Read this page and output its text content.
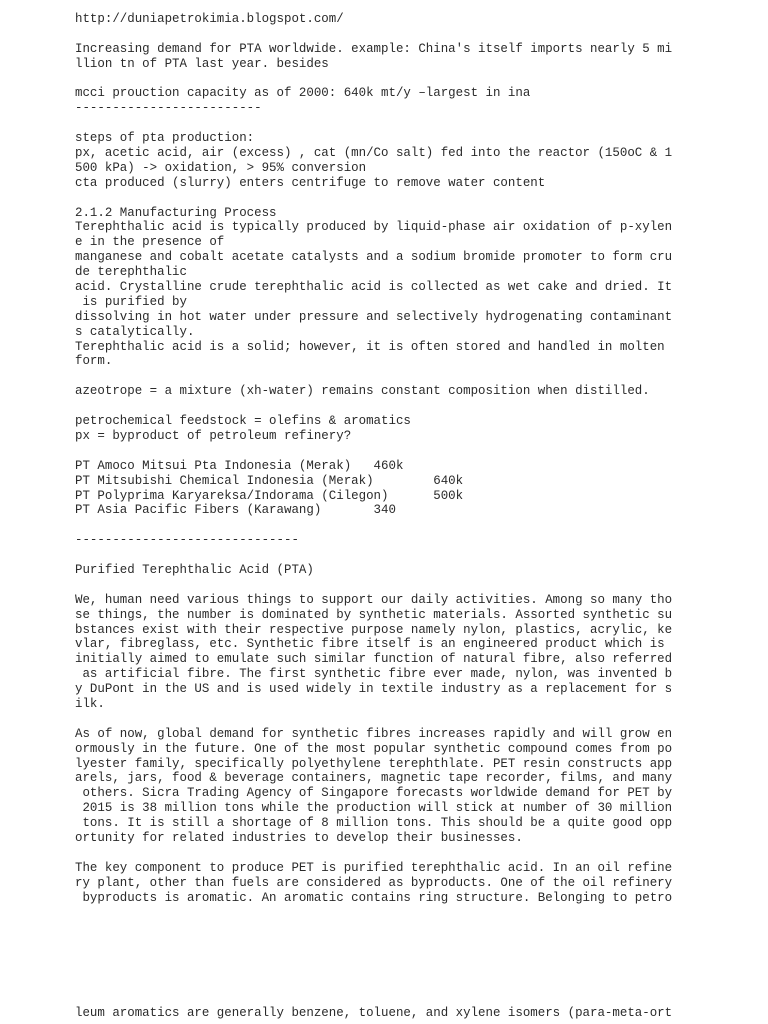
http://duniapetrokimia.blogspot.com/
Increasing demand for PTA worldwide. example: China's itself imports nearly 5 mi
llion tn of PTA last year. besides
mcci prouction capacity as of 2000: 640k mt/y –largest in ina
-------------------------
steps of pta production:
px, acetic acid, air (excess) , cat (mn/Co salt) fed into the reactor (150oC & 1
500 kPa) -> oxidation, > 95% conversion
cta produced (slurry) enters centrifuge to remove water content
2.1.2 Manufacturing Process
Terephthalic acid is typically produced by liquid-phase air oxidation of p-xylen
e in the presence of
manganese and cobalt acetate catalysts and a sodium bromide promoter to form cru
de terephthalic
acid. Crystalline crude terephthalic acid is collected as wet cake and dried. It
is purified by
dissolving in hot water under pressure and selectively hydrogenating contaminant
s catalytically.
Terephthalic acid is a solid; however, it is often stored and handled in molten
form.
azeotrope = a mixture (xh-water) remains constant composition when distilled.
petrochemical feedstock = olefins & aromatics
px = byproduct of petroleum refinery?
PT Amoco Mitsui Pta Indonesia (Merak)   460k
PT Mitsubishi Chemical Indonesia (Merak)        640k
PT Polyprima Karyareksa/Indorama (Cilegon)      500k
PT Asia Pacific Fibers (Karawang)       340
------------------------------
Purified Terephthalic Acid (PTA)
We, human need various things to support our daily activities. Among so many tho
se things, the number is dominated by synthetic materials. Assorted synthetic su
bstances exist with their respective purpose namely nylon, plastics, acrylic, ke
vlar, fibreglass, etc. Synthetic fibre itself is an engineered product which is
initially aimed to emulate such similar function of natural fibre, also referred
as artificial fibre. The first synthetic fibre ever made, nylon, was invented b
y DuPont in the US and is used widely in textile industry as a replacement for s
ilk.
As of now, global demand for synthetic fibres increases rapidly and will grow en
ormously in the future. One of the most popular synthetic compound comes from po
lyester family, specifically polyethylene terephthlate. PET resin constructs app
arels, jars, food & beverage containers, magnetic tape recorder, films, and many
others. Sicra Trading Agency of Singapore forecasts worldwide demand for PET by
2015 is 38 million tons while the production will stick at number of 30 million
tons. It is still a shortage of 8 million tons. This should be a quite good opp
ortunity for related industries to develop their businesses.
The key component to produce PET is purified terephthalic acid. In an oil refine
ry plant, other than fuels are considered as byproducts. One of the oil refinery
byproducts is aromatic. An aromatic contains ring structure. Belonging to petro
leum aromatics are generally benzene, toluene, and xylene isomers (para-meta-ort
